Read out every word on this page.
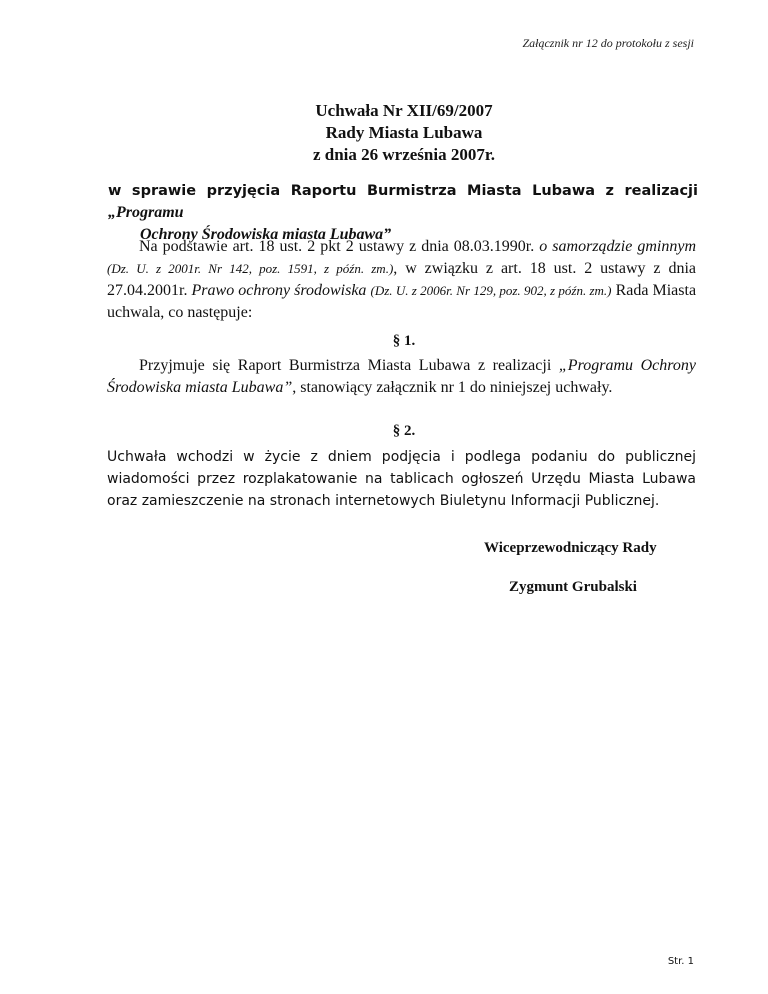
Załącznik nr 12 do protokołu z sesji
Uchwała Nr XII/69/2007
Rady Miasta Lubawa
z dnia 26 września 2007r.
w sprawie przyjęcia Raportu Burmistrza Miasta Lubawa z realizacji „Programu
Ochrony Środowiska miasta Lubawa”
Na podstawie art. 18 ust. 2 pkt 2 ustawy z dnia 08.03.1990r. o samorządzie gminnym (Dz. U. z 2001r. Nr 142, poz. 1591, z późn. zm.), w związku z art. 18 ust. 2 ustawy z dnia 27.04.2001r. Prawo ochrony środowiska (Dz. U. z 2006r. Nr 129, poz. 902, z późn. zm.) Rada Miasta uchwala, co następuje:
§ 1.
Przyjmuje się Raport Burmistrza Miasta Lubawa z realizacji „Programu Ochrony Środowiska miasta Lubawa”, stanowiący załącznik nr 1 do niniejszej uchwały.
§ 2.
Uchwała wchodzi w życie z dniem podjęcia i podlega podaniu do publicznej wiadomości przez rozplakatowanie na tablicach ogłoszeń Urzędu Miasta Lubawa oraz zamieszczenie na stronach internetowych Biuletynu Informacji Publicznej.
Wiceprzewodniczący Rady
Zygmunt Grubalski
Str. 1
